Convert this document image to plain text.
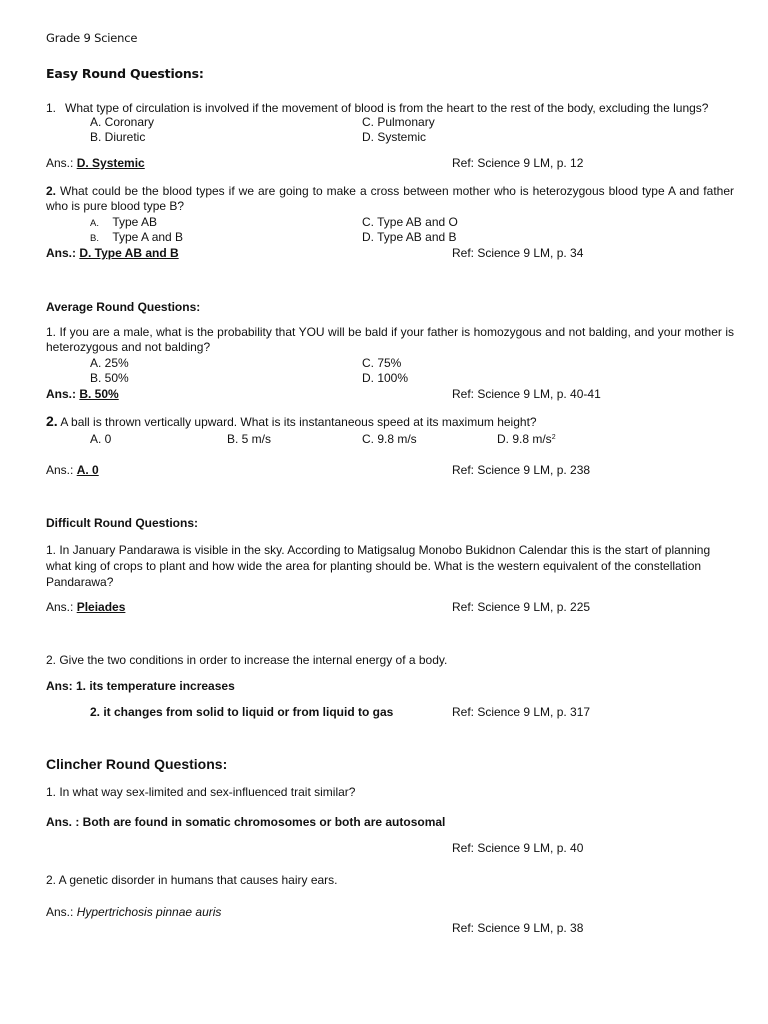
Grade 9 Science
Easy Round Questions:
1. What type of circulation is involved if the movement of blood is from the heart to the rest of the body, excluding the lungs?
A. Coronary
B. Diuretic
C. Pulmonary
D. Systemic
Ans.: D. Systemic	Ref: Science 9 LM, p. 12
2. What could be the blood types if we are going to make a cross between mother who is heterozygous blood type A and father who is pure blood type B?
A. Type AB
B. Type A and B
C. Type AB and O
D. Type AB and B
Ans.: D. Type AB and B	Ref: Science 9 LM, p. 34
Average Round Questions:
1. If you are a male, what is the probability that YOU will be bald if your father is homozygous and not balding, and your mother is heterozygous and not balding?
A. 25%
B. 50%
C. 75%
D. 100%
Ans.: B. 50%	Ref: Science 9 LM, p. 40-41
2. A ball is thrown vertically upward. What is its instantaneous speed at its maximum height?
A. 0	B. 5 m/s	C. 9.8 m/s	D. 9.8 $m/s^2$
Ans.: A. 0	Ref: Science 9 LM, p. 238
Difficult Round Questions:
1. In January Pandarawa is visible in the sky. According to Matigsalug Monobo Bukidnon Calendar this is the start of planning what king of crops to plant and how wide the area for planting should be. What is the western equivalent of the constellation Pandarawa?
Ans.: Pleiades	Ref: Science 9 LM, p. 225
2. Give the two conditions in order to increase the internal energy of a body.
Ans: 1. its temperature increases
2. it changes from solid to liquid or from liquid to gas	Ref: Science 9 LM, p. 317
Clincher Round Questions:
1. In what way sex-limited and sex-influenced trait similar?
Ans. : Both are found in somatic chromosomes or both are autosomal
Ref: Science 9 LM, p. 40
2. A genetic disorder in humans that causes hairy ears.
Ans.: Hypertrichosis pinnae auris
Ref: Science 9 LM, p. 38
